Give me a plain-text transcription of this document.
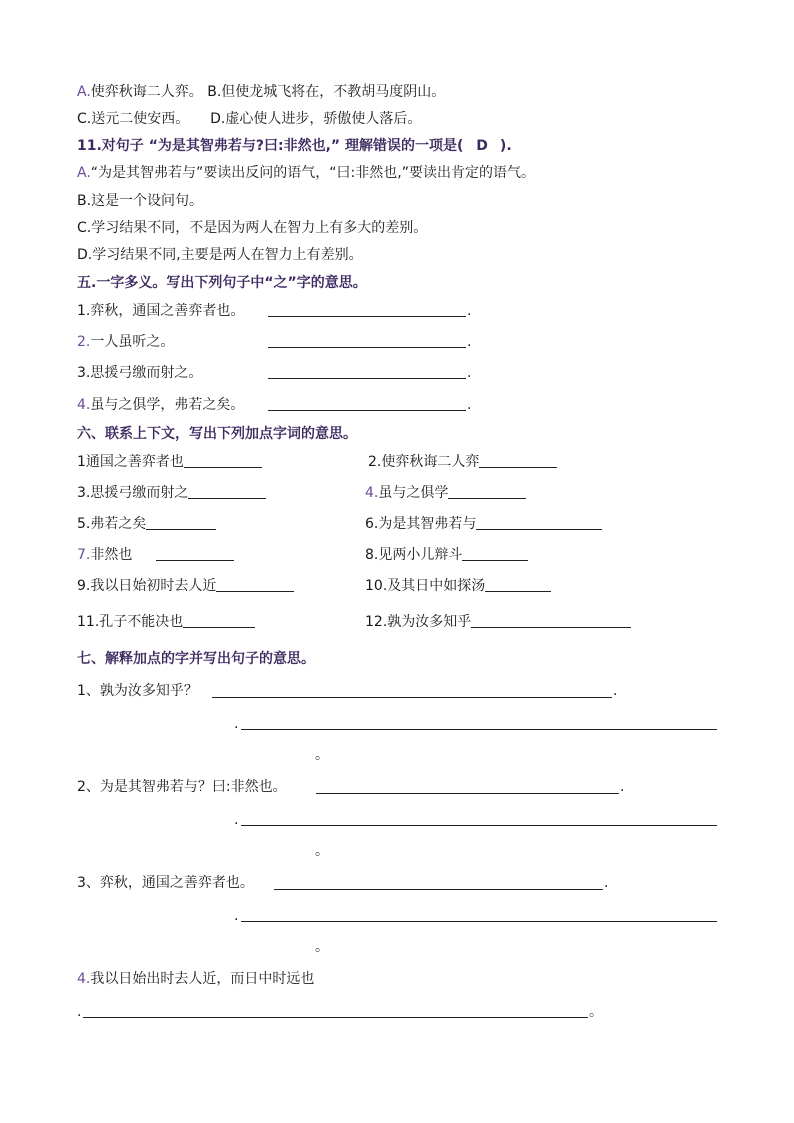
A.使弈秋诲二人弈。 B.但使龙城飞将在，不教胡马度阴山。
C.送元二使安西。 D.虚心使人进步，骄傲使人落后。
11.对句子 “为是其智弗若与?曰:非然也,” 理解错误的一项是( D ).
A.“为是其智弗若与”要读出反问的语气，“曰:非然也,”要读出肯定的语气。
B.这是一个设问句。
C.学习结果不同，不是因为两人在智力上有多大的差别。
D.学习结果不同,主要是两人在智力上有差别。
五.一字多义。写出下列句子中“之”字的意思。
1.弈秋，通国之善弈者也。	.
2.一人虽听之。	.
3.思援弓缴而射之。	.
4.虽与之俱学，弗若之矣。	.
六、联系上下文，写出下列加点字词的意思。
1通国之善弈者也	2.使弈秋诲二人弈
3.思援弓缴而射之	4.虽与之俱学
5.弗若之矣	6.为是其智弗若与
7.非然也	8.见两小儿辩斗
9.我以日始初时去人近	10.及其日中如探汤
11.孔子不能决也	12.孰为汝多知乎
七、解释加点的字并写出句子的意思。
1、孰为汝多知乎？	.
.
。
2、为是其智弗若与？曰:非然也。	.
.
。
3、弈秋，通国之善弈者也。	.
.
。
4.我以日始出时去人近，而日中时远也
.	。
